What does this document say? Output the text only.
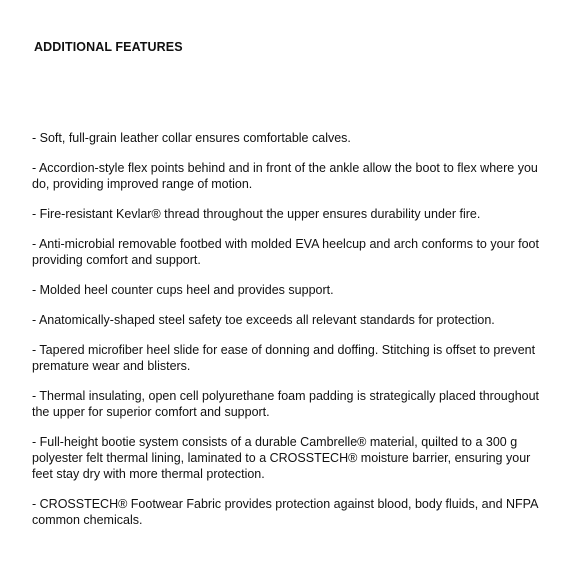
ADDITIONAL FEATURES
- Soft, full-grain leather collar ensures comfortable calves.
- Accordion-style flex points behind and in front of the ankle allow the boot to flex where you do, providing improved range of motion.
- Fire-resistant Kevlar® thread throughout the upper ensures durability under fire.
- Anti-microbial removable footbed with molded EVA heelcup and arch conforms to your foot providing comfort and support.
- Molded heel counter cups heel and provides support.
- Anatomically-shaped steel safety toe exceeds all relevant standards for protection.
- Tapered microfiber heel slide for ease of donning and doffing. Stitching is offset to prevent premature wear and blisters.
- Thermal insulating, open cell polyurethane foam padding is strategically placed throughout the upper for superior comfort and support.
- Full-height bootie system consists of a durable Cambrelle® material, quilted to a 300 g polyester felt thermal lining, laminated to a CROSSTECH® moisture barrier, ensuring your feet stay dry with more thermal protection.
- CROSSTECH® Footwear Fabric provides protection against blood, body fluids, and NFPA common chemicals.
